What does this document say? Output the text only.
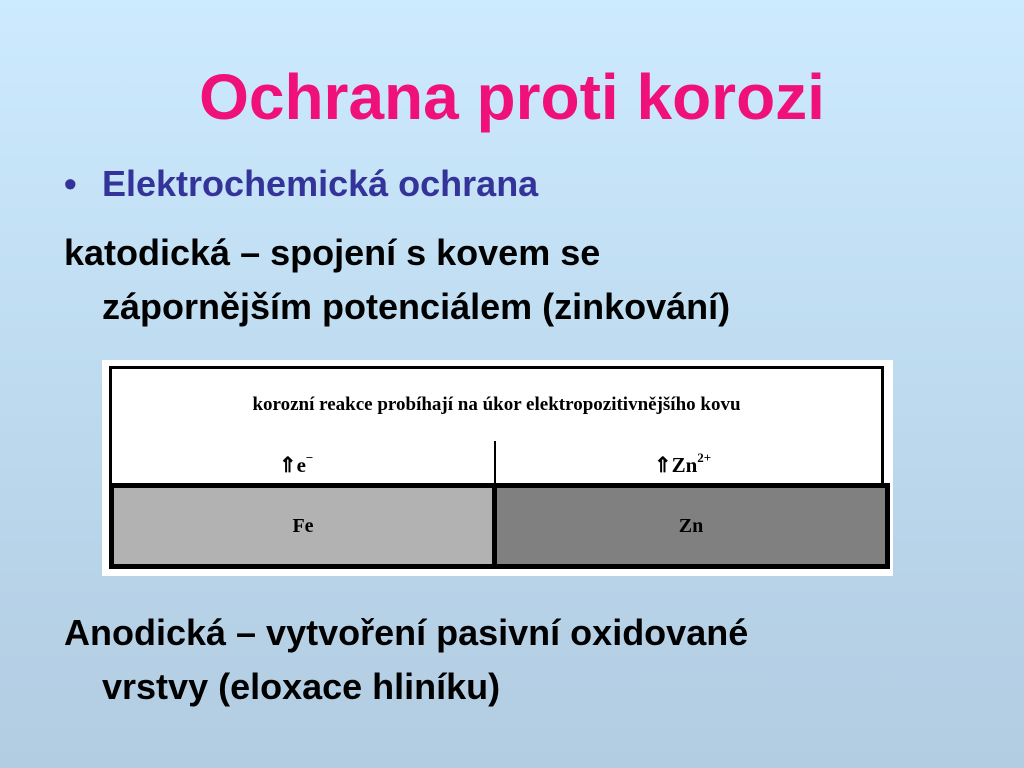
Ochrana proti korozi
• Elektrochemická ochrana
katodická – spojení s kovem se
zápornějším potenciálem (zinkování)
korozní reakce probíhají na úkor elektropozitivnějšího kovu
⇑e−	$⇑Zn^{2+}$
Fe	Zn
Anodická – vytvoření pasivní oxidované
vrstvy (eloxace hliníku)
